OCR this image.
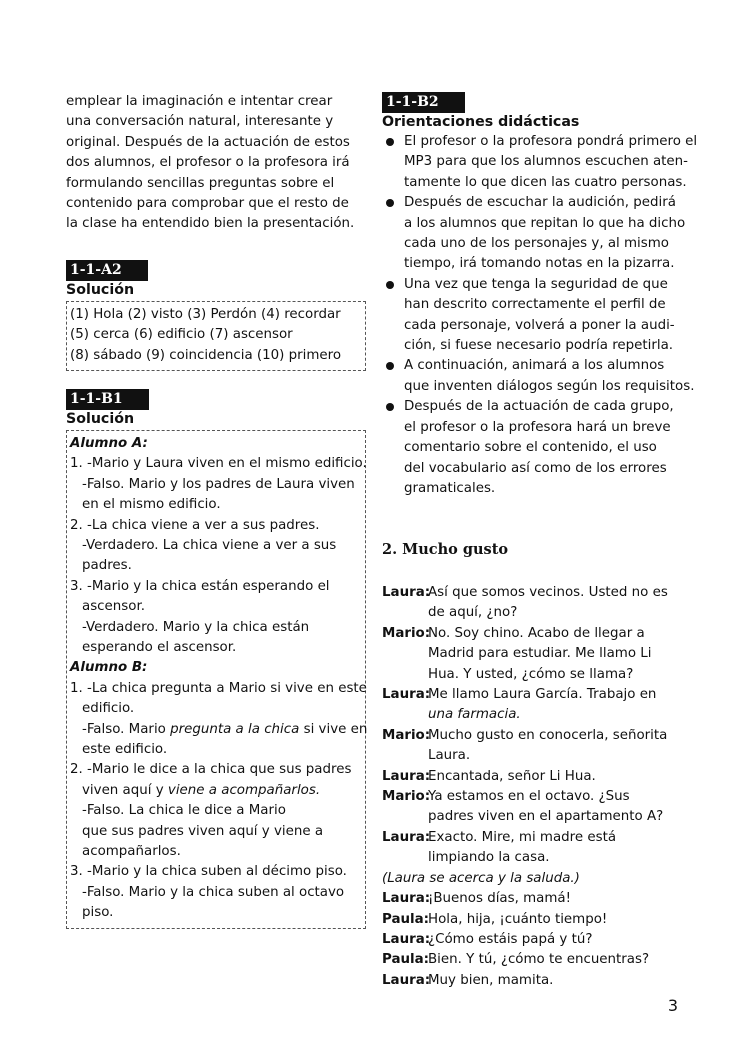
emplear la imaginación e intentar crear
una conversación natural, interesante y
original. Después de la actuación de estos
dos alumnos, el profesor o la profesora irá
formulando sencillas preguntas sobre el
contenido para comprobar que el resto de
la clase ha entendido bien la presentación.
1-1-A2
Solución
(1) Hola (2) visto (3) Perdón (4) recordar
(5) cerca (6) edificio (7) ascensor
(8) sábado (9) coincidencia (10) primero
1-1-B1
Solución
Alumno A:
1. -Mario y Laura viven en el mismo edificio.
-Falso. Mario y los padres de Laura viven
en el mismo edificio.
2. -La chica viene a ver a sus padres.
-Verdadero. La chica viene a ver a sus
padres.
3. -Mario y la chica están esperando el
ascensor.
-Verdadero. Mario y la chica están
esperando el ascensor.
Alumno B:
1. -La chica pregunta a Mario si vive en este
edificio.
-Falso. Mario pregunta a la chica si vive en
este edificio.
2. -Mario le dice a la chica que sus padres
viven aquí y viene a acompañarlos.
-Falso. La chica le dice a Mario
que sus padres viven aquí y viene a
acompañarlos.
3. -Mario y la chica suben al décimo piso.
-Falso. Mario y la chica suben al octavo
piso.
1-1-B2
Orientaciones didácticas
El profesor o la profesora pondrá primero el
MP3 para que los alumnos escuchen aten-
tamente lo que dicen las cuatro personas.
Después de escuchar la audición, pedirá
a los alumnos que repitan lo que ha dicho
cada uno de los personajes y, al mismo
tiempo, irá tomando notas en la pizarra.
Una vez que tenga la seguridad de que
han descrito correctamente el perfil de
cada personaje, volverá a poner la audi-
ción, si fuese necesario podría repetirla.
A continuación, animará a los alumnos
que inventen diálogos según los requisitos.
Después de la actuación de cada grupo,
el profesor o la profesora hará un breve
comentario sobre el contenido, el uso
del vocabulario así como de los errores
gramaticales.
2. Mucho gusto
Laura:
Así que somos vecinos. Usted no es
de aquí, ¿no?
Mario:
No. Soy chino. Acabo de llegar a
Madrid para estudiar. Me llamo Li
Hua. Y usted, ¿cómo se llama?
Laura:
Me llamo Laura García. Trabajo en
una farmacia.
Mario:
Mucho gusto en conocerla, señorita
Laura.
Laura:
Encantada, señor Li Hua.
Mario:
Ya estamos en el octavo. ¿Sus
padres viven en el apartamento A?
Laura:
Exacto. Mire, mi madre está
limpiando la casa.
(Laura se acerca y la saluda.)
Laura:
¡Buenos días, mamá!
Paula:
Hola, hija, ¡cuánto tiempo!
Laura:
¿Cómo estáis papá y tú?
Paula:
Bien. Y tú, ¿cómo te encuentras?
Laura:
Muy bien, mamita.
3
